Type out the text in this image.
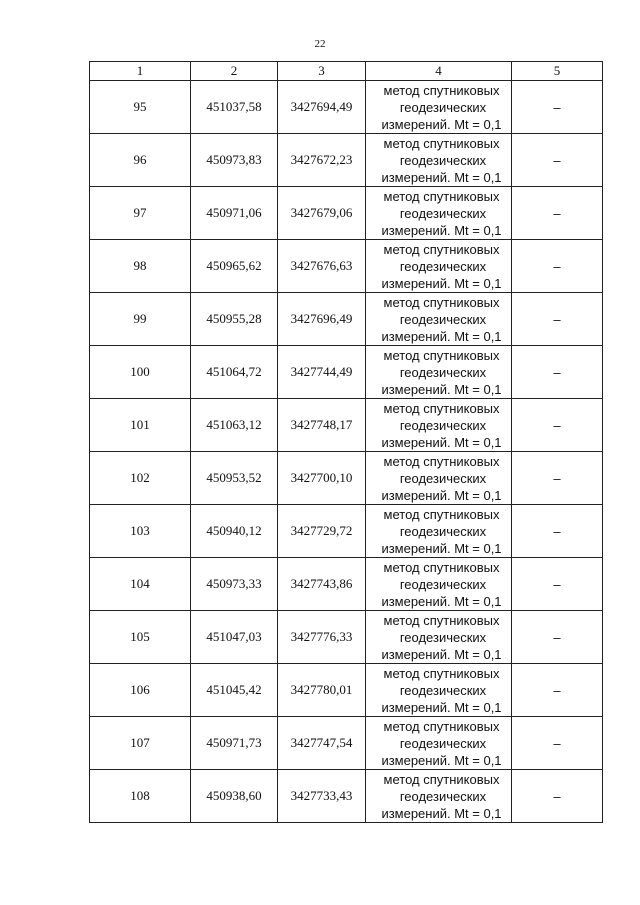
22
1	2	3	4	5
95	451037,58	3427694,49	метод спутниковых
геодезических
измерений. Mt = 0,1	–
96	450973,83	3427672,23	метод спутниковых
геодезических
измерений. Mt = 0,1	–
97	450971,06	3427679,06	метод спутниковых
геодезических
измерений. Mt = 0,1	–
98	450965,62	3427676,63	метод спутниковых
геодезических
измерений. Mt = 0,1	–
99	450955,28	3427696,49	метод спутниковых
геодезических
измерений. Mt = 0,1	–
100	451064,72	3427744,49	метод спутниковых
геодезических
измерений. Mt = 0,1	–
101	451063,12	3427748,17	метод спутниковых
геодезических
измерений. Mt = 0,1	–
102	450953,52	3427700,10	метод спутниковых
геодезических
измерений. Mt = 0,1	–
103	450940,12	3427729,72	метод спутниковых
геодезических
измерений. Mt = 0,1	–
104	450973,33	3427743,86	метод спутниковых
геодезических
измерений. Mt = 0,1	–
105	451047,03	3427776,33	метод спутниковых
геодезических
измерений. Mt = 0,1	–
106	451045,42	3427780,01	метод спутниковых
геодезических
измерений. Mt = 0,1	–
107	450971,73	3427747,54	метод спутниковых
геодезических
измерений. Mt = 0,1	–
108	450938,60	3427733,43	метод спутниковых
геодезических
измерений. Mt = 0,1	–
